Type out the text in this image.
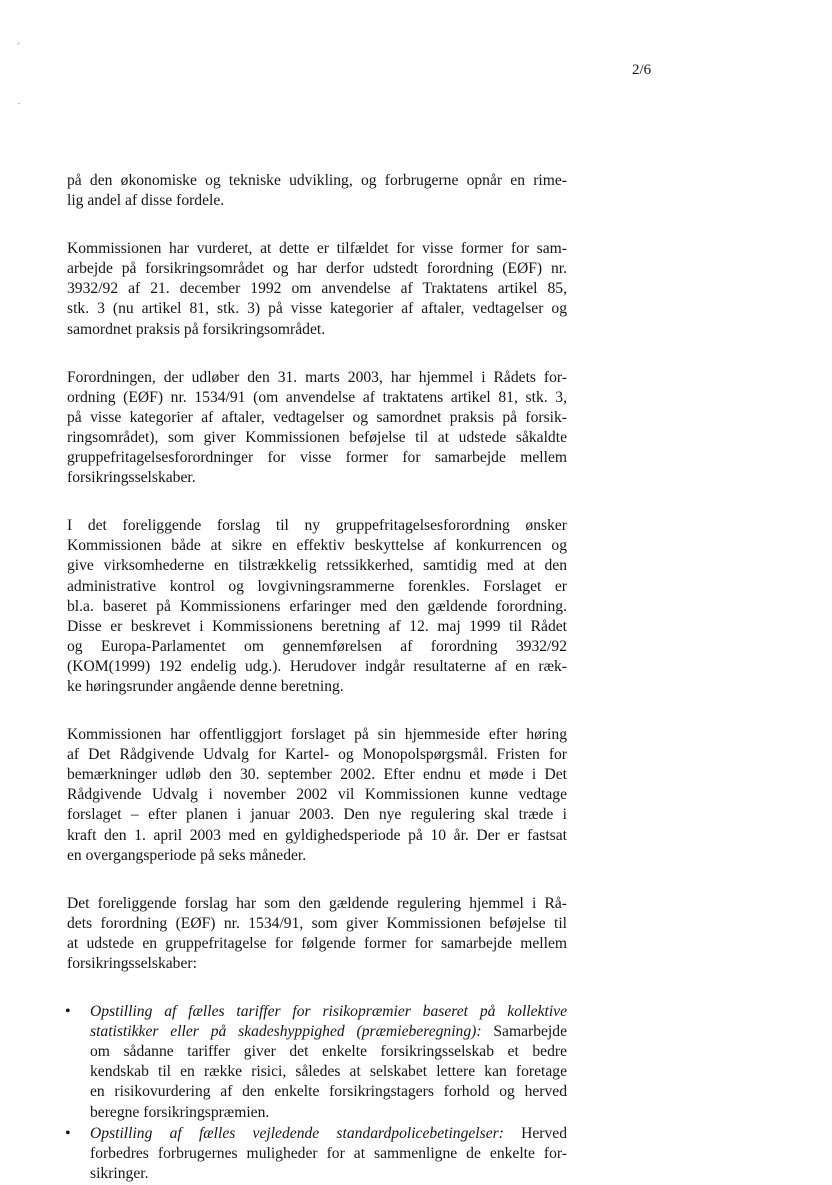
2/6

på den økonomiske og tekniske udvikling, og forbrugerne opnår en rime-
lig andel af disse fordele.

Kommissionen har vurderet, at dette er tilfældet for visse former for sam-
arbejde på forsikringsområdet og har derfor udstedt forordning (EØF) nr.
3932/92 af 21. december 1992 om anvendelse af Traktatens artikel 85,
stk. 3 (nu artikel 81, stk. 3) på visse kategorier af aftaler, vedtagelser og
samordnet praksis på forsikringsområdet.

Forordningen, der udløber den 31. marts 2003, har hjemmel i Rådets for-
ordning (EØF) nr. 1534/91 (om anvendelse af traktatens artikel 81, stk. 3,
på visse kategorier af aftaler, vedtagelser og samordnet praksis på forsik-
ringsområdet), som giver Kommissionen beføjelse til at udstede såkaldte
gruppefritagelsesforordninger for visse former for samarbejde mellem
forsikringsselskaber.

I det foreliggende forslag til ny gruppefritagelsesforordning ønsker
Kommissionen både at sikre en effektiv beskyttelse af konkurrencen og
give virksomhederne en tilstrækkelig retssikkerhed, samtidig med at den
administrative kontrol og lovgivningsrammerne forenkles. Forslaget er
bl.a. baseret på Kommissionens erfaringer med den gældende forordning.
Disse er beskrevet i Kommissionens beretning af 12. maj 1999 til Rådet
og Europa-Parlamentet om gennemførelsen af forordning 3932/92
(KOM(1999) 192 endelig udg.). Herudover indgår resultaterne af en ræk-
ke høringsrunder angående denne beretning.

Kommissionen har offentliggjort forslaget på sin hjemmeside efter høring
af Det Rådgivende Udvalg for Kartel- og Monopolspørgsmål. Fristen for
bemærkninger udløb den 30. september 2002. Efter endnu et møde i Det
Rådgivende Udvalg i november 2002 vil Kommissionen kunne vedtage
forslaget – efter planen i januar 2003. Den nye regulering skal træde i
kraft den 1. april 2003 med en gyldighedsperiode på 10 år. Der er fastsat
en overgangsperiode på seks måneder.

Det foreliggende forslag har som den gældende regulering hjemmel i Rå-
dets forordning (EØF) nr. 1534/91, som giver Kommissionen beføjelse til
at udstede en gruppefritagelse for følgende former for samarbejde mellem
forsikringsselskaber:

• Opstilling af fælles tariffer for risikopræmier baseret på kollektive
statistikker eller på skadeshyppighed (præmieberegning): Samarbejde
om sådanne tariffer giver det enkelte forsikringsselskab et bedre
kendskab til en række risici, således at selskabet lettere kan foretage
en risikovurdering af den enkelte forsikringstagers forhold og herved
beregne forsikringspræmien.
• Opstilling af fælles vejledende standardpolicebetingelser: Herved
forbedres forbrugernes muligheder for at sammenligne de enkelte for-
sikringer.
